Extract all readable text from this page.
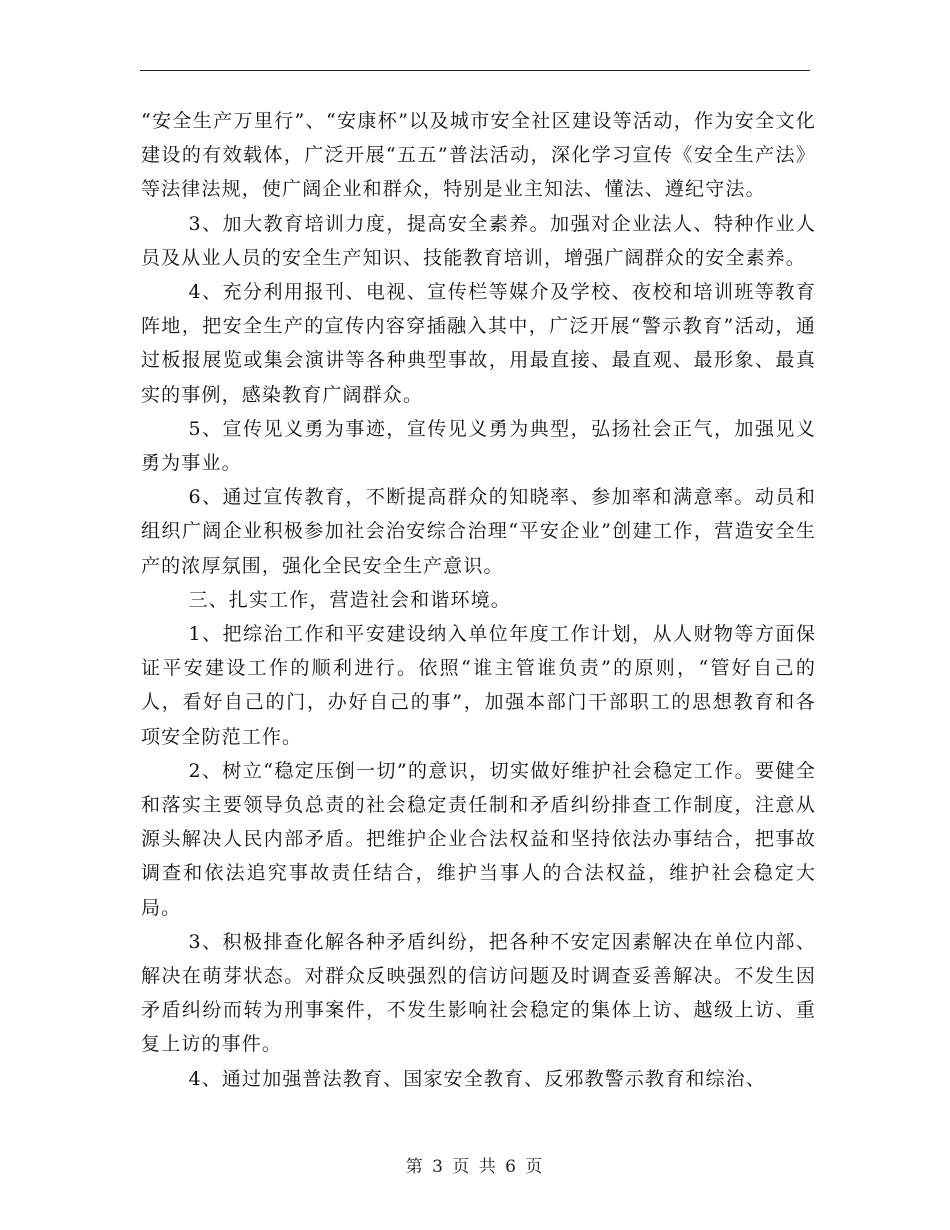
“安全生产万里行”、“安康杯”以及城市安全社区建设等活动，作为安全文化建设的有效载体，广泛开展“五五”普法活动，深化学习宣传《安全生产法》等法律法规，使广阔企业和群众，特别是业主知法、懂法、遵纪守法。

3、加大教育培训力度，提高安全素养。加强对企业法人、特种作业人员及从业人员的安全生产知识、技能教育培训，增强广阔群众的安全素养。

4、充分利用报刊、电视、宣传栏等媒介及学校、夜校和培训班等教育阵地，把安全生产的宣传内容穿插融入其中，广泛开展“警示教育”活动，通过板报展览或集会演讲等各种典型事故，用最直接、最直观、最形象、最真实的事例，感染教育广阔群众。

5、宣传见义勇为事迹，宣传见义勇为典型，弘扬社会正气，加强见义勇为事业。

6、通过宣传教育，不断提高群众的知晓率、参加率和满意率。动员和组织广阔企业积极参加社会治安综合治理“平安企业”创建工作，营造安全生产的浓厚氛围，强化全民安全生产意识。

三、扎实工作，营造社会和谐环境。

1、把综治工作和平安建设纳入单位年度工作计划，从人财物等方面保证平安建设工作的顺利进行。依照“谁主管谁负责”的原则，“管好自己的人，看好自己的门，办好自己的事”，加强本部门干部职工的思想教育和各项安全防范工作。

2、树立“稳定压倒一切”的意识，切实做好维护社会稳定工作。要健全和落实主要领导负总责的社会稳定责任制和矛盾纠纷排查工作制度，注意从源头解决人民内部矛盾。把维护企业合法权益和坚持依法办事结合，把事故调查和依法追究事故责任结合，维护当事人的合法权益，维护社会稳定大局。

3、积极排查化解各种矛盾纠纷，把各种不安定因素解决在单位内部、解决在萌芽状态。对群众反映强烈的信访问题及时调查妥善解决。不发生因矛盾纠纷而转为刑事案件，不发生影响社会稳定的集体上访、越级上访、重复上访的事件。

4、通过加强普法教育、国家安全教育、反邪教警示教育和综治、

第 3 页 共 6 页
